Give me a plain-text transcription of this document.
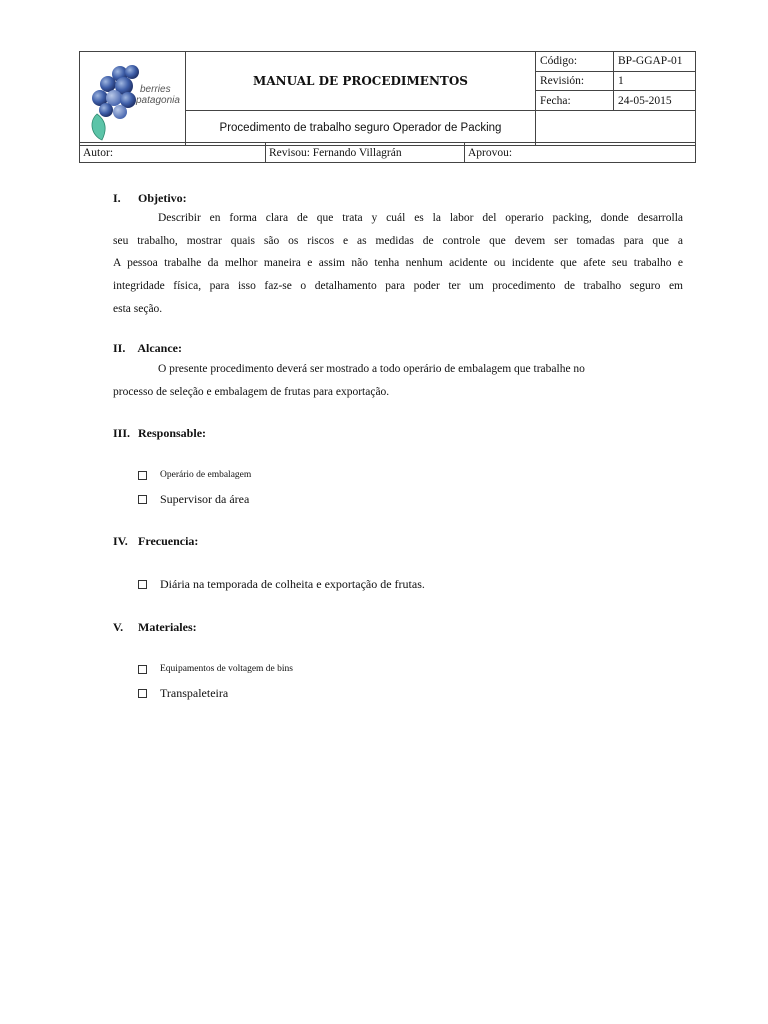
berries
patagonia	MANUAL DE PROCEDIMENTOS	Código:	BP-GGAP-01
		Revisión:	1
		Fecha:	24-05-2015
	Procedimento de trabalho seguro Operador de Packing		
Autor:	Revisou: Fernando Villagrán	Aprovou:
I. Objetivo:
Describir en forma clara de que trata y cuál es la labor del operario packing, donde desarrolla
seu trabalho, mostrar quais são os riscos e as medidas de controle que devem ser tomadas para que a
A pessoa trabalhe da melhor maneira e assim não tenha nenhum acidente ou incidente que afete seu trabalho e
integridade física, para isso faz-se o detalhamento para poder ter um procedimento de trabalho seguro em
esta seção.
II. Alcance:
O presente procedimento deverá ser mostrado a todo operário de embalagem que trabalhe no
processo de seleção e embalagem de frutas para exportação.
III. Responsable:
Operário de embalagem
Supervisor da área
IV. Frecuencia:
Diária na temporada de colheita e exportação de frutas.
V. Materiales:
Equipamentos de voltagem de bins
Transpaleteira
